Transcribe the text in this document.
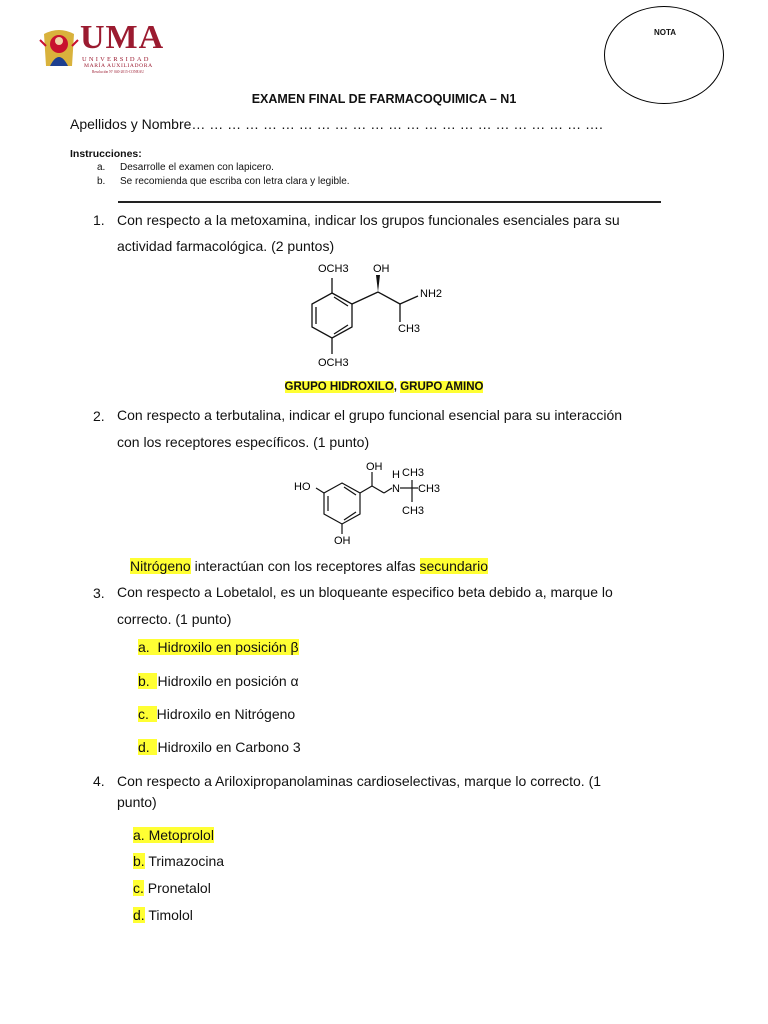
UMA
UNIVERSIDAD
MARÍA AUXILIADORA
Resolución N° 040-2015-CONEAU
NOTA
EXAMEN FINAL DE FARMACOQUIMICA – N1
Apellidos y Nombre… … … … … … … … … … … … … … … … … … … … … … ….
Instrucciones:
a. Desarrolle el examen con lapicero.
b. Se recomienda que escriba con letra clara y legible.
1. Con respecto a la metoxamina, indicar los grupos funcionales esenciales para su
actividad farmacológica. (2 puntos)
OCH3 OH
NH2
CH3
OCH3
GRUPO HIDROXILO, GRUPO AMINO
2. Con respecto a terbutalina, indicar el grupo funcional esencial para su interacción
con los receptores específicos. (1 punto)
HO
OH
H
N
CH3
CH3
CH3
OH
Nitrógeno interactúan con los receptores alfas secundario
3. Con respecto a Lobetalol, es un bloqueante especifico beta debido a, marque lo
correcto. (1 punto)
a. Hidroxilo en posición β
b. Hidroxilo en posición α
c. Hidroxilo en Nitrógeno
d. Hidroxilo en Carbono 3
4. Con respecto a Ariloxipropanolaminas cardioselectivas, marque lo correcto. (1
punto)
a. Metoprolol
b. Trimazocina
c. Pronetalol
d. Timolol
